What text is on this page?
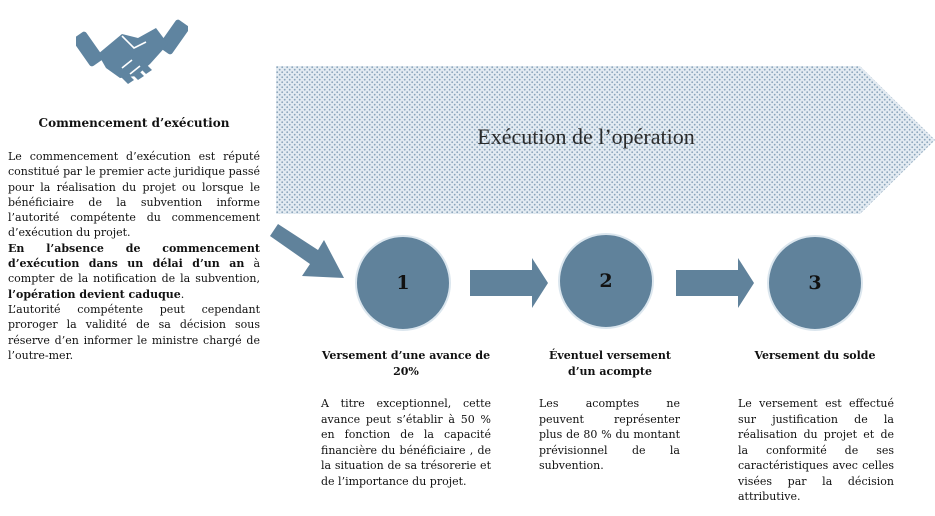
Exécution de l’opération
Commencement d’exécution

Le commencement d’exécution est réputé constitué par le premier acte juridique passé pour la réalisation du projet ou lorsque le bénéficiaire de la subvention informe l’autorité compétente du commencement d’exécution du projet.

En l’absence de commencement d’exécution dans un délai d’un an à compter de la notification de la subvention, l’opération devient caduque.

L’autorité compétente peut cependant proroger la validité de sa décision sous réserve d’en informer le ministre chargé de l’outre-mer.

1	2	3
Versement d’une avance de 20%
Éventuel versement d’un acompte
Versement du solde
A titre exceptionnel, cette avance peut s’établir à 50 % en fonction de la capacité financière du bénéficiaire , de la situation de sa trésorerie et de l’importance du projet.
Les acomptes ne peuvent représenter plus de 80 % du montant prévisionnel de la subvention.
Le versement est effectué sur justification de la réalisation du projet et de la conformité de ses caractéristiques avec celles visées par la décision attributive.
